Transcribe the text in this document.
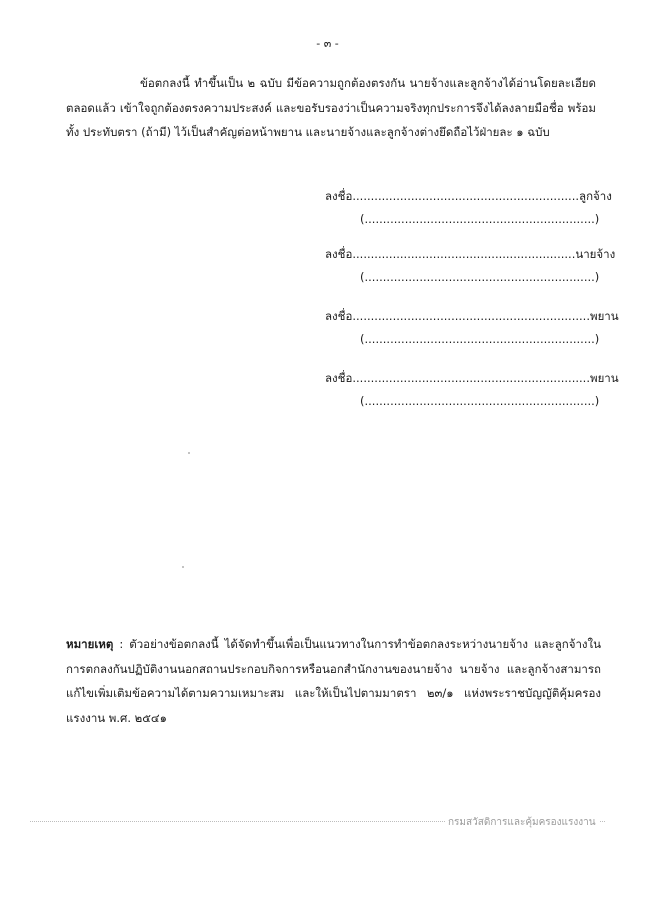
- ๓ -

ข้อตกลงนี้ ทำขึ้นเป็น ๒ ฉบับ มีข้อความถูกต้องตรงกัน นายจ้างและลูกจ้างได้อ่านโดยละเอียด ตลอดแล้ว เข้าใจถูกต้องตรงความประสงค์ และขอรับรองว่าเป็นความจริงทุกประการจึงได้ลงลายมือชื่อ พร้อมทั้ง ประทับตรา (ถ้ามี) ไว้เป็นสำคัญต่อหน้าพยาน และนายจ้างและลูกจ้างต่างยึดถือไว้ฝ่ายละ ๑ ฉบับ

ลงชื่อ..............................................................ลูกจ้าง
(...............................................................)
ลงชื่อ.............................................................นายจ้าง
(...............................................................)
ลงชื่อ.................................................................พยาน
(...............................................................)
ลงชื่อ.................................................................พยาน
(...............................................................)

หมายเหตุ : ตัวอย่างข้อตกลงนี้ ได้จัดทำขึ้นเพื่อเป็นแนวทางในการทำข้อตกลงระหว่างนายจ้าง และลูกจ้างในการตกลงกันปฏิบัติงานนอกสถานประกอบกิจการหรือนอกสำนักงานของนายจ้าง นายจ้าง และลูกจ้างสามารถแก้ไขเพิ่มเติมข้อความได้ตามความเหมาะสม และให้เป็นไปตามมาตรา ๒๓/๑ แห่งพระราชบัญญัติคุ้มครองแรงงาน พ.ศ. ๒๕๔๑

กรมสวัสดิการและคุ้มครองแรงงาน
